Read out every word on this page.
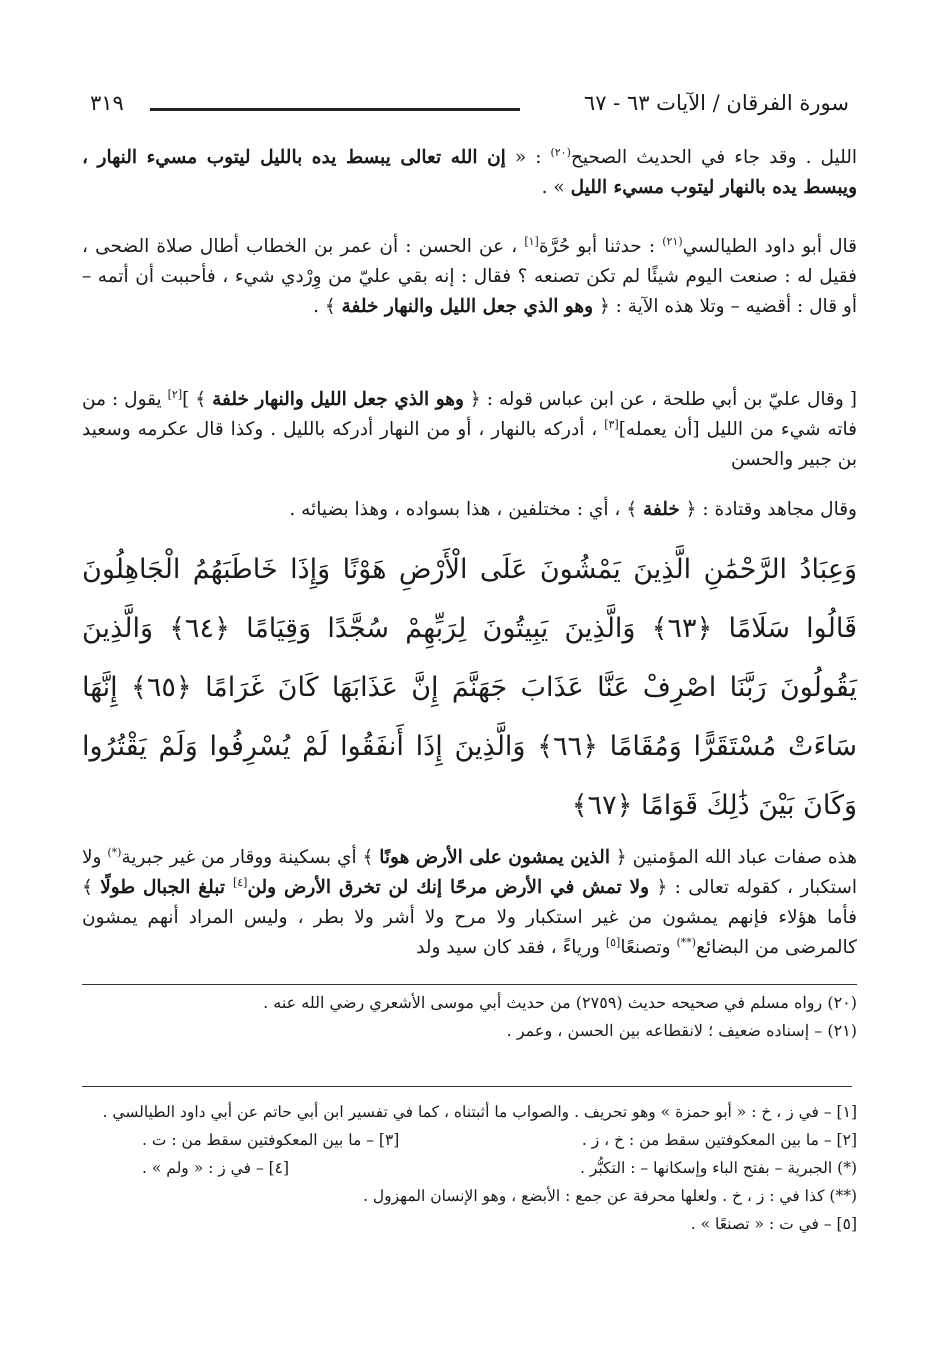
سورة الفرقان / الآيات ٦٣ - ٦٧
٣١٩

الليل . وقد جاء في الحديث الصحيح$^{(٢٠)}$ : « إن الله تعالى يبسط يده بالليل ليتوب مسيء النهار ، ويبسط يده بالنهار ليتوب مسيء الليل » .

قال أبو داود الطيالسي$^{(٢١)}$ : حدثنا أبو حُرَّة[١] ، عن الحسن : أن عمر بن الخطاب أطال صلاة الضحى ، فقيل له : صنعت اليوم شيئًا لم تكن تصنعه ؟ فقال : إنه بقي عليّ من وِرْدي شيء ، فأحببت أن أتمه – أو قال : أقضيه – وتلا هذه الآية : ﴿ وهو الذي جعل الليل والنهار خلفة ﴾ .

[ وقال عليّ بن أبي طلحة ، عن ابن عباس قوله : ﴿ وهو الذي جعل الليل والنهار خلفة ﴾ ][٢] يقول : من فاته شيء من الليل [أن يعمله][٣] ، أدركه بالنهار ، أو من النهار أدركه بالليل . وكذا قال عكرمه وسعيد بن جبير والحسن

وقال مجاهد وقتادة : ﴿ خلفة ﴾ ، أي : مختلفين ، هذا بسواده ، وهذا بضيائه .

وَعِبَادُ الرَّحْمَٰنِ الَّذِينَ يَمْشُونَ عَلَى الْأَرْضِ هَوْنًا وَإِذَا خَاطَبَهُمُ الْجَاهِلُونَ قَالُوا سَلَامًا ﴿٦٣﴾ وَالَّذِينَ يَبِيتُونَ لِرَبِّهِمْ سُجَّدًا وَقِيَامًا ﴿٦٤﴾ وَالَّذِينَ يَقُولُونَ رَبَّنَا اصْرِفْ عَنَّا عَذَابَ جَهَنَّمَ إِنَّ عَذَابَهَا كَانَ غَرَامًا ﴿٦٥﴾ إِنَّهَا سَاءَتْ مُسْتَقَرًّا وَمُقَامًا ﴿٦٦﴾ وَالَّذِينَ إِذَا أَنفَقُوا لَمْ يُسْرِفُوا وَلَمْ يَقْتُرُوا وَكَانَ بَيْنَ ذَٰلِكَ قَوَامًا ﴿٦٧﴾

هذه صفات عباد الله المؤمنين ﴿ الذين يمشون على الأرض هونًا ﴾ أي بسكينة ووقار من غير جبرية(*) ولا استكبار ، كقوله تعالى : ﴿ ولا تمش في الأرض مرحًا إنك لن تخرق الأرض ولن[٤] تبلغ الجبال طولًا ﴾ فأما هؤلاء فإنهم يمشون من غير استكبار ولا مرح ولا أشر ولا بطر ، وليس المراد أنهم يمشون كالمرضى من البضائع(**) وتصنعًا[٥] ورياءً ، فقد كان سيد ولد

(٢٠) رواه مسلم في صحيحه حديث (٢٧٥٩) من حديث أبي موسى الأشعري رضي الله عنه .

(٢١) – إسناده ضعيف ؛ لانقطاعه بين الحسن ، وعمر .

[١] – في ز ، خ : « أبو حمزة » وهو تحريف . والصواب ما أثبتناه ، كما في تفسير ابن أبي حاتم عن أبي داود الطيالسي .

[٢] – ما بين المعكوفتين سقط من : خ ، ز .
[٣] – ما بين المعكوفتين سقط من : ت .
(*) الجبرية – بفتح الباء وإسكانها – : التكبُّر .
[٤] – في ز : « ولم » .

(**) كذا في : ز ، خ . ولعلها محرفة عن جمع : الأبضع ، وهو الإنسان المهزول .

[٥] – في ت : « تصنعًا » .
